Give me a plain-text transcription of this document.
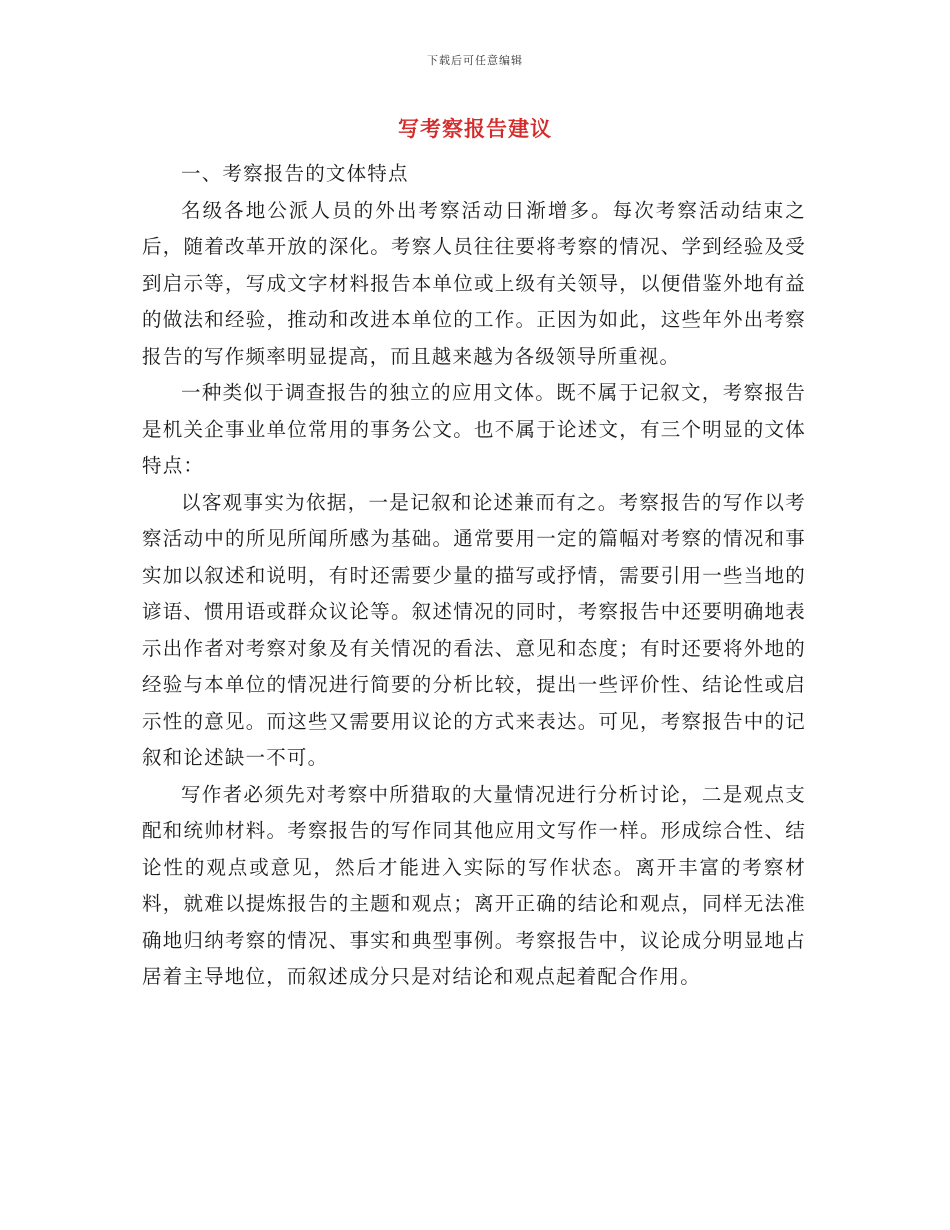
下载后可任意编辑
写考察报告建议

一、考察报告的文体特点

名级各地公派人员的外出考察活动日渐增多。每次考察活动结束之后，随着改革开放的深化。考察人员往往要将考察的情况、学到经验及受到启示等，写成文字材料报告本单位或上级有关领导，以便借鉴外地有益的做法和经验，推动和改进本单位的工作。正因为如此，这些年外出考察报告的写作频率明显提高，而且越来越为各级领导所重视。

一种类似于调查报告的独立的应用文体。既不属于记叙文，考察报告是机关企事业单位常用的事务公文。也不属于论述文，有三个明显的文体特点：

以客观事实为依据，一是记叙和论述兼而有之。考察报告的写作以考察活动中的所见所闻所感为基础。通常要用一定的篇幅对考察的情况和事实加以叙述和说明，有时还需要少量的描写或抒情，需要引用一些当地的谚语、惯用语或群众议论等。叙述情况的同时，考察报告中还要明确地表示出作者对考察对象及有关情况的看法、意见和态度；有时还要将外地的经验与本单位的情况进行简要的分析比较，提出一些评价性、结论性或启示性的意见。而这些又需要用议论的方式来表达。可见，考察报告中的记叙和论述缺一不可。

写作者必须先对考察中所猎取的大量情况进行分析讨论，二是观点支配和统帅材料。考察报告的写作同其他应用文写作一样。形成综合性、结论性的观点或意见，然后才能进入实际的写作状态。离开丰富的考察材料，就难以提炼报告的主题和观点；离开正确的结论和观点，同样无法准确地归纳考察的情况、事实和典型事例。考察报告中，议论成分明显地占居着主导地位，而叙述成分只是对结论和观点起着配合作用。
